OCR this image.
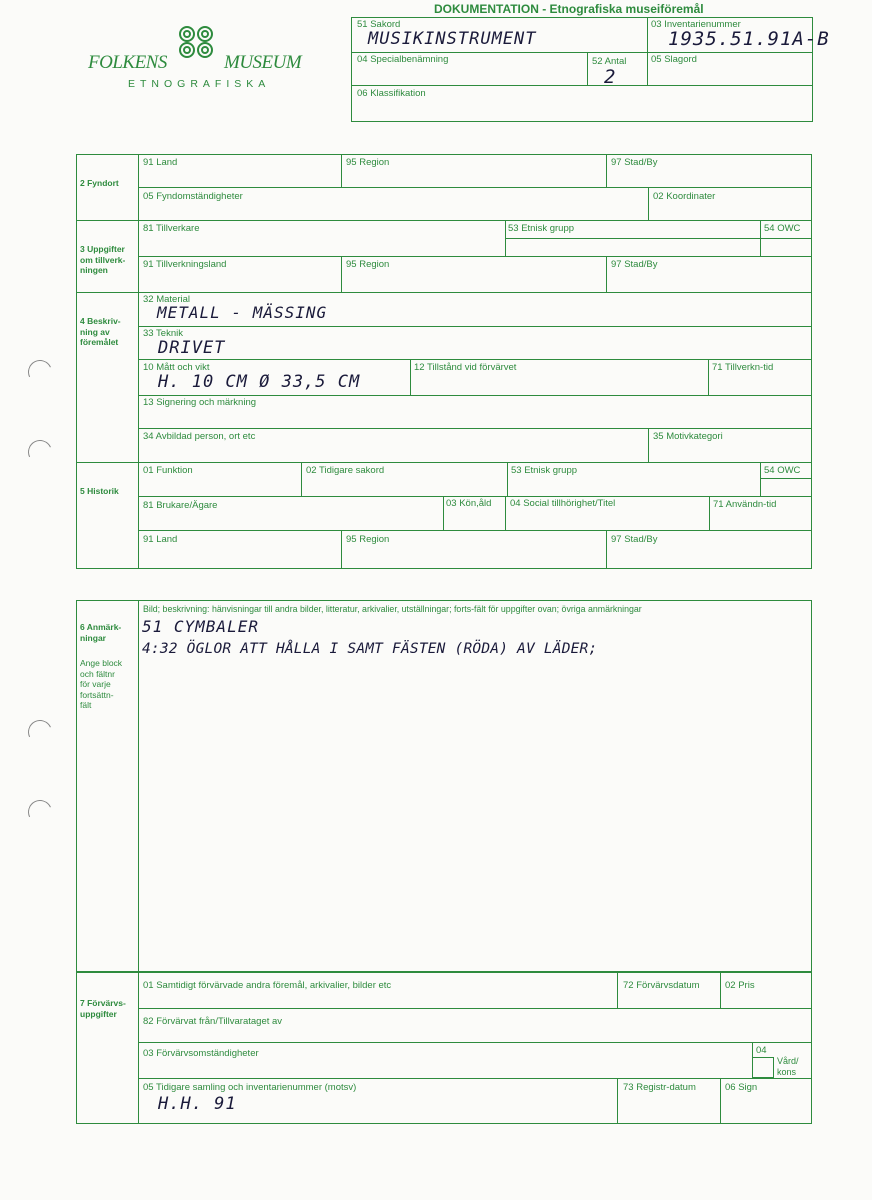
FOLKENS	MUSEUM
ETNOGRAFISKA
DOKUMENTATION - Etnografiska museiföremål
51 Sakord
MUSIKINSTRUMENT
03 Inventarienummer
1935.51.91A-B
04 Specialbenämning	52 Antal
2
05 Slagord
06 Klassifikation
2 Fyndort
91 Land	95 Region	97 Stad/By
05 Fyndomständigheter	02 Koordinater
3 Uppgifter
om tillverk-
ningen
81 Tillverkare	53 Etnisk grupp	54 OWC
91 Tillverkningsland	95 Region	97 Stad/By
4 Beskriv-
ning av
föremålet
32 Material
METALL - MÄSSING
33 Teknik
DRIVET
10 Mått och vikt
H. 10 CM Ø 33,5 CM
12 Tillstånd vid förvärvet	71 Tillverkn-tid
13 Signering och märkning
34 Avbildad person, ort etc	35 Motivkategori
5 Historik
01 Funktion	02 Tidigare sakord	53 Etnisk grupp	54 OWC
81 Brukare/Ägare	03 Kön,åld 04 Social tillhörighet/Titel	71 Användn-tid
91 Land	95 Region	97 Stad/By
6 Anmärk-
ningar
Ange block
och fältnr
för varje
fortsättn-
fält
Bild; beskrivning: hänvisningar till andra bilder, litteratur, arkivalier, utställningar; forts-fält för uppgifter ovan; övriga anmärkningar
51 CYMBALER
4:32 ÖGLOR ATT HÅLLA I SAMT FÄSTEN (RÖDA) AV LÄDER;
7 Förvärvs-
uppgifter
01 Samtidigt förvärvade andra föremål, arkivalier, bilder etc	72 Förvärvsdatum	02 Pris
82 Förvärvat från/Tillvarataget av
03 Förvärvsomständigheter	04
Vård/
kons
05 Tidigare samling och inventarienummer (motsv)
H.H. 91
73 Registr-datum	06 Sign
